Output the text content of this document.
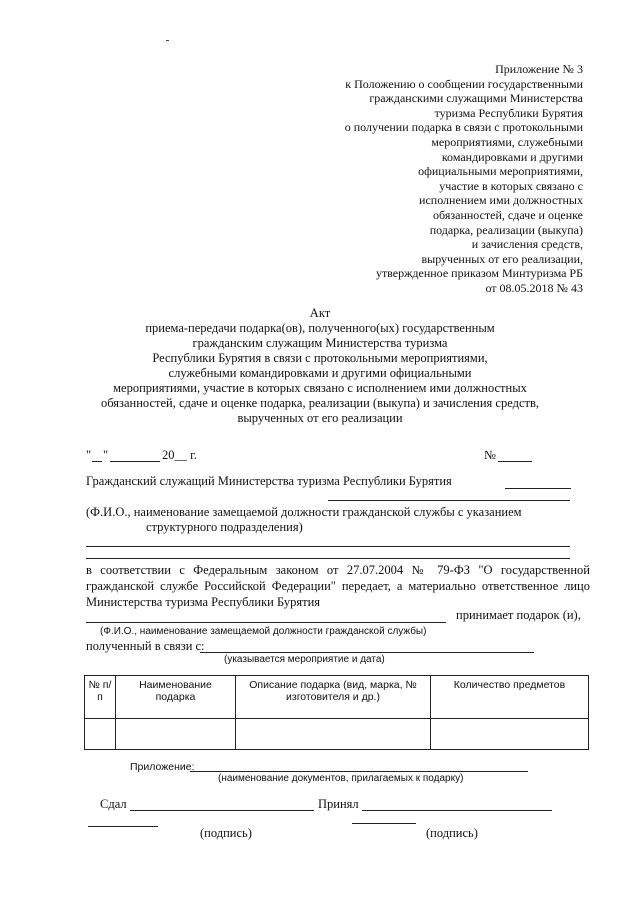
Приложение № 3
к Положению о сообщении государственными
гражданскими служащими Министерства
туризма Республики Бурятия
о получении подарка в связи с протокольными
мероприятиями, служебными
командировками и другими
официальными мероприятиями,
участие в которых связано с
исполнением ими должностных
обязанностей, сдаче и оценке
подарка, реализации (выкупа)
и зачисления средств,
вырученных от его реализации,
утвержденное приказом Минтуризма РБ
от 08.05.2018 № 43
Акт
приема-передачи подарка(ов), полученного(ых) государственным
гражданским служащим Министерства туризма
Республики Бурятия в связи с протокольными мероприятиями,
служебными командировками и другими официальными
мероприятиями, участие в которых связано с исполнением ими должностных
обязанностей, сдаче и оценке подарка, реализации (выкупа) и зачисления средств,
вырученных от его реализации
" "	20__ г.	№
Гражданский служащий Министерства туризма Республики Бурятия
(Ф.И.О., наименование замещаемой должности гражданской службы с указанием
структурного подразделения)
в соответствии с Федеральным законом от 27.07.2004 № 79-ФЗ "О государственной гражданской службе Российской Федерации" передает, а материально ответственное лицо Министерства туризма Республики Бурятия
принимает подарок (и),
(Ф.И.О., наименование замещаемой должности гражданской службы)
полученный в связи с:
(указывается мероприятие и дата)
№ п/п	Наименование подарка	Описание подарка (вид, марка, № изготовителя и др.)	Количество предметов

Приложение:
(наименование документов, прилагаемых к подарку)
Сдал	Принял
(подпись)	(подпись)
